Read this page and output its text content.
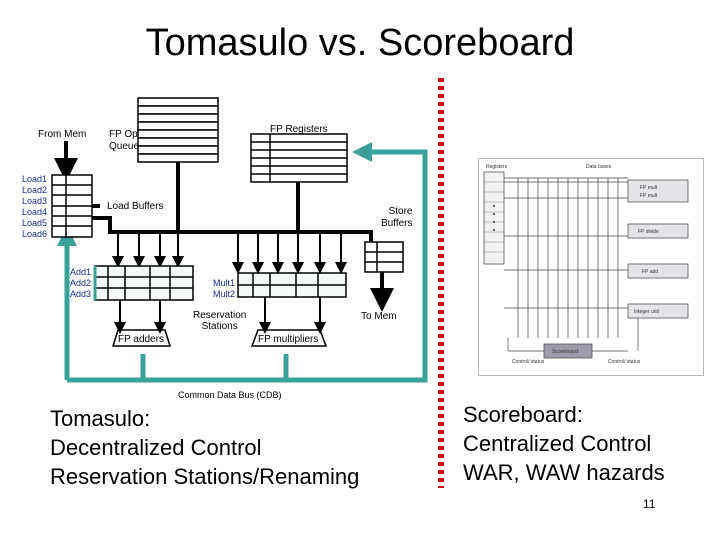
Tomasulo vs. Scoreboard
From Mem FP Op
Queue
FP Registers
Load Buffers	Store
Buffers
Load1
Load2
Load3
Load4
Load5
Load6
Add1
Add2
Add3
Mult1
Mult2
Reservation
Stations
To Mem
FP adders	FP multipliers
Common Data Bus (CDB)
Registers	Data buses
FP mult
FP mult
FP divide
FP add
Integer unit
Scoreboard
Control/ status	Control/ status
Tomasulo:
Decentralized Control
Reservation Stations/Renaming
Scoreboard:
Centralized Control
WAR, WAW hazards
11
